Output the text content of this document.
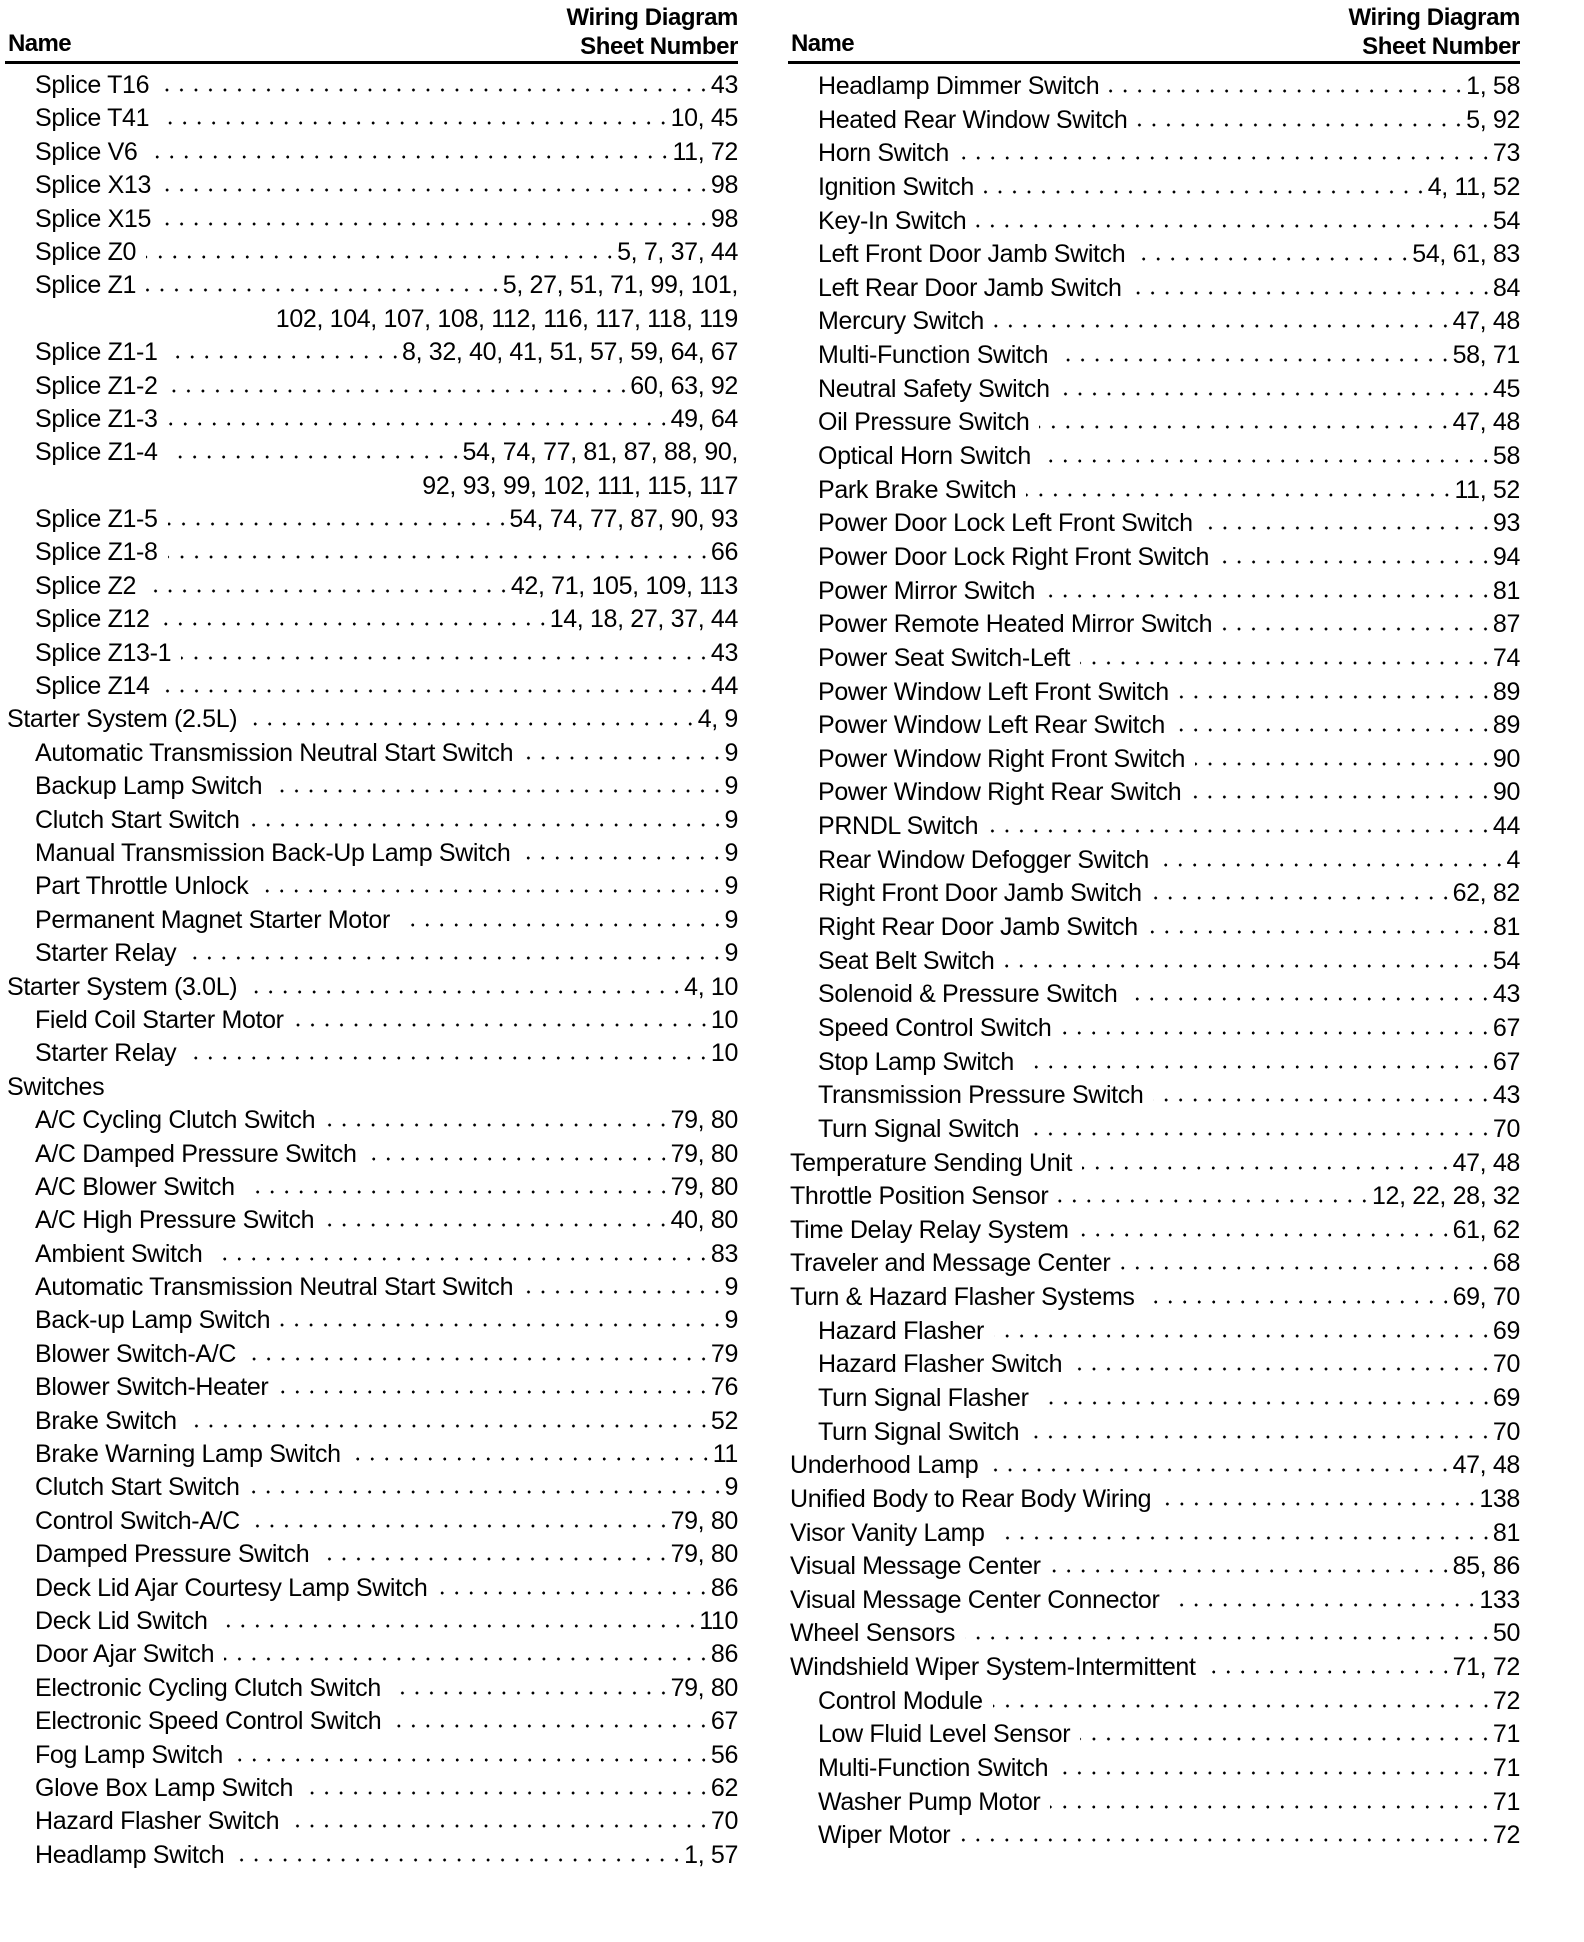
Name
Wiring Diagram
Sheet Number
Splice T16	43
Splice T41	10, 45
Splice V6	11, 72
Splice X13	98
Splice X15	98
Splice Z0	5, 7, 37, 44
Splice Z1	5, 27, 51, 71, 99, 101,
102, 104, 107, 108, 112, 116, 117, 118, 119
Splice Z1-1	8, 32, 40, 41, 51, 57, 59, 64, 67
Splice Z1-2	60, 63, 92
Splice Z1-3	49, 64
Splice Z1-4	54, 74, 77, 81, 87, 88, 90,
92, 93, 99, 102, 111, 115, 117
Splice Z1-5	54, 74, 77, 87, 90, 93
Splice Z1-8	66
Splice Z2	42, 71, 105, 109, 113
Splice Z12	14, 18, 27, 37, 44
Splice Z13-1	43
Splice Z14	44
Starter System (2.5L)	4, 9
Automatic Transmission Neutral Start Switch	9
Backup Lamp Switch	9
Clutch Start Switch	9
Manual Transmission Back-Up Lamp Switch	9
Part Throttle Unlock	9
Permanent Magnet Starter Motor	9
Starter Relay	9
Starter System (3.0L)	4, 10
Field Coil Starter Motor	10
Starter Relay	10
Switches
A/C Cycling Clutch Switch	79, 80
A/C Damped Pressure Switch	79, 80
A/C Blower Switch	79, 80
A/C High Pressure Switch	40, 80
Ambient Switch	83
Automatic Transmission Neutral Start Switch	9
Back-up Lamp Switch	9
Blower Switch-A/C	79
Blower Switch-Heater	76
Brake Switch	52
Brake Warning Lamp Switch	11
Clutch Start Switch	9
Control Switch-A/C	79, 80
Damped Pressure Switch	79, 80
Deck Lid Ajar Courtesy Lamp Switch	86
Deck Lid Switch	110
Door Ajar Switch	86
Electronic Cycling Clutch Switch	79, 80
Electronic Speed Control Switch	67
Fog Lamp Switch	56
Glove Box Lamp Switch	62
Hazard Flasher Switch	70
Headlamp Switch	1, 57
Name
Wiring Diagram
Sheet Number
Headlamp Dimmer Switch	1, 58
Heated Rear Window Switch	5, 92
Horn Switch	73
Ignition Switch	4, 11, 52
Key-In Switch	54
Left Front Door Jamb Switch	54, 61, 83
Left Rear Door Jamb Switch	84
Mercury Switch	47, 48
Multi-Function Switch	58, 71
Neutral Safety Switch	45
Oil Pressure Switch	47, 48
Optical Horn Switch	58
Park Brake Switch	11, 52
Power Door Lock Left Front Switch	93
Power Door Lock Right Front Switch	94
Power Mirror Switch	81
Power Remote Heated Mirror Switch	87
Power Seat Switch-Left	74
Power Window Left Front Switch	89
Power Window Left Rear Switch	89
Power Window Right Front Switch	90
Power Window Right Rear Switch	90
PRNDL Switch	44
Rear Window Defogger Switch	4
Right Front Door Jamb Switch	62, 82
Right Rear Door Jamb Switch	81
Seat Belt Switch	54
Solenoid & Pressure Switch	43
Speed Control Switch	67
Stop Lamp Switch	67
Transmission Pressure Switch	43
Turn Signal Switch	70
Temperature Sending Unit	47, 48
Throttle Position Sensor	12, 22, 28, 32
Time Delay Relay System	61, 62
Traveler and Message Center	68
Turn & Hazard Flasher Systems	69, 70
Hazard Flasher	69
Hazard Flasher Switch	70
Turn Signal Flasher	69
Turn Signal Switch	70
Underhood Lamp	47, 48
Unified Body to Rear Body Wiring	138
Visor Vanity Lamp	81
Visual Message Center	85, 86
Visual Message Center Connector	133
Wheel Sensors	50
Windshield Wiper System-Intermittent	71, 72
Control Module	72
Low Fluid Level Sensor	71
Multi-Function Switch	71
Washer Pump Motor	71
Wiper Motor	72
